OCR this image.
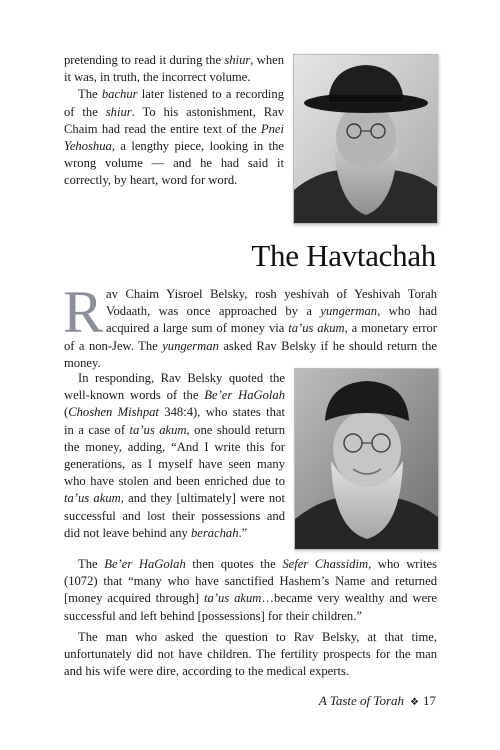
pretending to read it during the shiur, when it was, in truth, the incorrect volume.

The bachur later listened to a recording of the shiur. To his astonishment, Rav Chaim had read the entire text of the Pnei Yehoshua, a lengthy piece, looking in the wrong volume — and he had said it correctly, by heart, word for word.

The Havtachah

Rav Chaim Yisroel Belsky, rosh yeshivah of Yeshivah Torah Vodaath, was once approached by a yungerman, who had acquired a large sum of money via ta’us akum, a monetary error of a non-Jew. The yungerman asked Rav Belsky if he should return the money.

In responding, Rav Belsky quoted the well-known words of the Be’er HaGolah (Choshen Mishpat 348:4), who states that in a case of ta’us akum, one should return the money, adding, “And I write this for generations, as I myself have seen many who have stolen and been enriched due to ta’us akum, and they [ultimately] were not successful and lost their possessions and did not leave behind any berachah.”

The Be’er HaGolah then quotes the Sefer Chassidim, who writes (1072) that “many who have sanctified Hashem’s Name and returned [money acquired through] ta’us akum…became very wealthy and were successful and left behind [possessions] for their children.”

The man who asked the question to Rav Belsky, at that time, unfortunately did not have children. The fertility prospects for the man and his wife were dire, according to the medical experts.

A Taste of Torah ❖ 17
